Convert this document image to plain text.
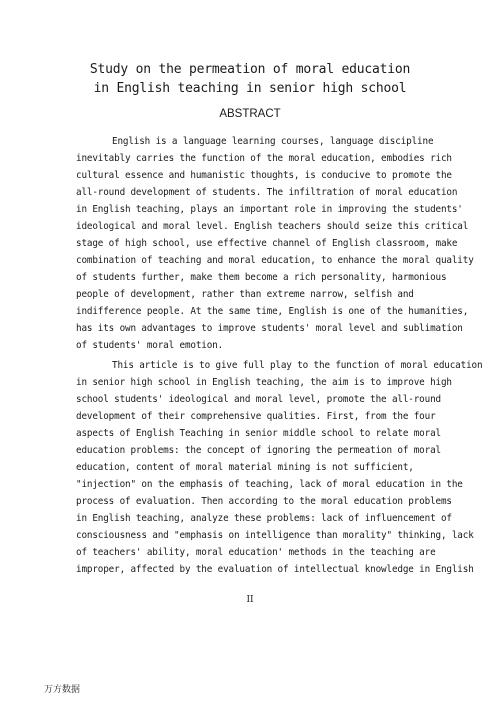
Study on the permeation of moral education
in English teaching in senior high school
ABSTRACT
English is a language learning courses, language discipline
inevitably carries the function of the moral education, embodies rich
cultural essence and humanistic thoughts, is conducive to promote the
all-round development of students. The infiltration of moral education
in English teaching, plays an important role in improving the students'
ideological and moral level. English teachers should seize this critical
stage of high school, use effective channel of English classroom, make
combination of teaching and moral education, to enhance the moral quality
of students further, make them become a rich personality, harmonious
people of development, rather than extreme narrow, selfish and
indifference people. At the same time, English is one of the humanities,
has its own advantages to improve students' moral level and sublimation
of students' moral emotion.
This article is to give full play to the function of moral education
in senior high school in English teaching, the aim is to improve high
school students' ideological and moral level, promote the all-round
development of their comprehensive qualities. First, from the four
aspects of English Teaching in senior middle school to relate moral
education problems: the concept of ignoring the permeation of moral
education, content of moral material mining is not sufficient,
"injection" on the emphasis of teaching, lack of moral education in the
process of evaluation. Then according to the moral education problems
in English teaching, analyze these problems: lack of influencement of
consciousness and "emphasis on intelligence than morality" thinking, lack
of teachers' ability, moral education' methods in the teaching are
improper, affected by the evaluation of intellectual knowledge in English
II
万方数据
